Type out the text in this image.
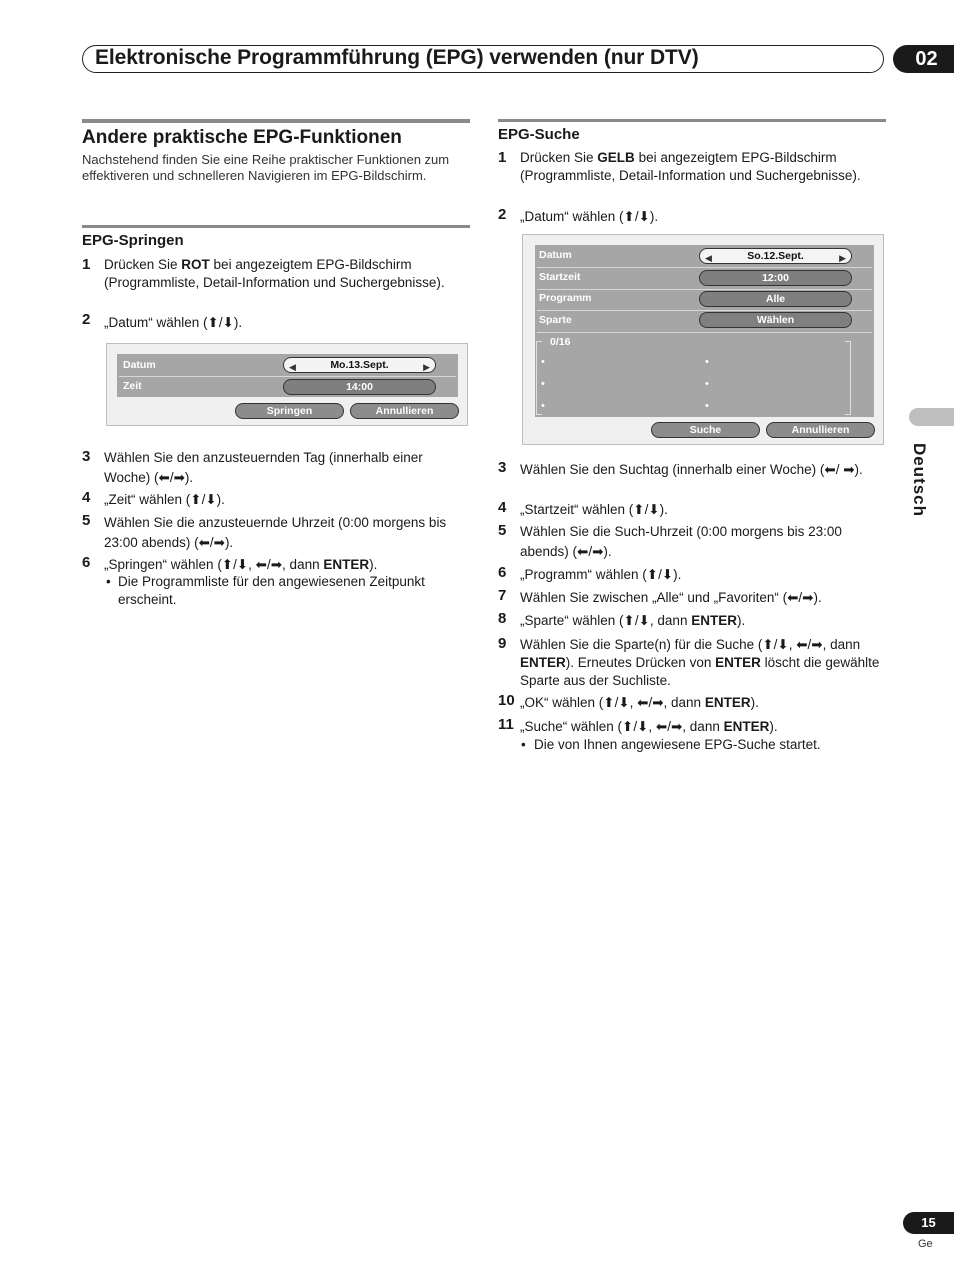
Elektronische Programmführung (EPG) verwenden (nur DTV)	02
Deutsch
Andere praktische EPG-Funktionen
Nachstehend finden Sie eine Reihe praktischer Funktionen zum effektiveren und schnelleren Navigieren im EPG-Bildschirm.
EPG-Springen
1 Drücken Sie ROT bei angezeigtem EPG-Bildschirm (Programmliste, Detail-Information und Suchergebnisse).
2 „Datum“ wählen (⬆/⬇).
Datum	◀	Mo.13.Sept.	▶
Zeit	14:00
Springen	Annullieren
3 Wählen Sie den anzusteuernden Tag (innerhalb einer Woche) (⬅/➡).
4 „Zeit“ wählen (⬆/⬇).
5 Wählen Sie die anzusteuernde Uhrzeit (0:00 morgens bis 23:00 abends) (⬅/➡).
6 „Springen“ wählen (⬆/⬇, ⬅/➡, dann ENTER).
• Die Programmliste für den angewiesenen Zeitpunkt erscheint.
EPG-Suche
1 Drücken Sie GELB bei angezeigtem EPG-Bildschirm (Programmliste, Detail-Information und Suchergebnisse).
2 „Datum“ wählen (⬆/⬇).
Datum	◀	So.12.Sept.	▶
Startzeit	12:00
Programm	Alle
Sparte	Wählen
0/16
•	•
•	•
•	•
Suche	Annullieren
3 Wählen Sie den Suchtag (innerhalb einer Woche) (⬅/ ➡).
4 „Startzeit“ wählen (⬆/⬇).
5 Wählen Sie die Such-Uhrzeit (0:00 morgens bis 23:00 abends) (⬅/➡).
6 „Programm“ wählen (⬆/⬇).
7 Wählen Sie zwischen „Alle“ und „Favoriten“ (⬅/➡).
8 „Sparte“ wählen (⬆/⬇, dann ENTER).
9 Wählen Sie die Sparte(n) für die Suche (⬆/⬇, ⬅/➡, dann ENTER). Erneutes Drücken von ENTER löscht die gewählte Sparte aus der Suchliste.
10 „OK“ wählen (⬆/⬇, ⬅/➡, dann ENTER).
11 „Suche“ wählen (⬆/⬇, ⬅/➡, dann ENTER).
• Die von Ihnen angewiesene EPG-Suche startet.
15
Ge
